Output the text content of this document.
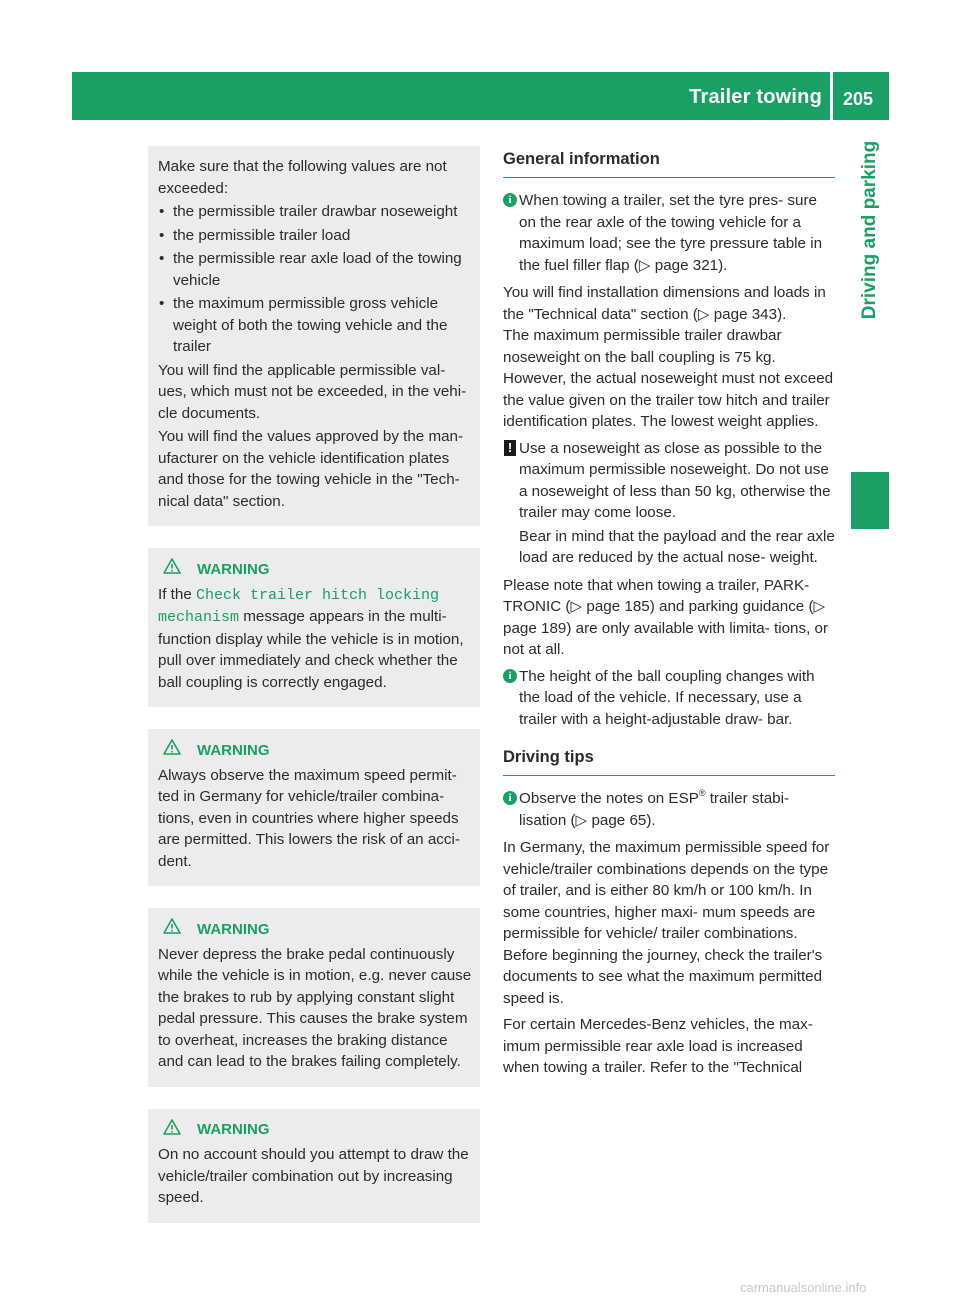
Trailer towing 205
Driving and parking

Make sure that the following values are not exceeded:

• the permissible trailer drawbar noseweight
• the permissible trailer load
• the permissible rear axle load of the towing vehicle
• the maximum permissible gross vehicle weight of both the towing vehicle and the trailer

You will find the applicable permissible val- ues, which must not be exceeded, in the vehi- cle documents.

You will find the values approved by the man- ufacturer on the vehicle identification plates and those for the towing vehicle in the "Tech- nical data" section.

WARNING

If the Check trailer hitch locking mechanism message appears in the multi- function display while the vehicle is in motion, pull over immediately and check whether the ball coupling is correctly engaged.

WARNING

Always observe the maximum speed permit- ted in Germany for vehicle/trailer combina- tions, even in countries where higher speeds are permitted. This lowers the risk of an acci- dent.

WARNING

Never depress the brake pedal continuously while the vehicle is in motion, e.g. never cause the brakes to rub by applying constant slight pedal pressure. This causes the brake system to overheat, increases the braking distance and can lead to the brakes failing completely.

WARNING

On no account should you attempt to draw the vehicle/trailer combination out by increasing speed.

General information
i When towing a trailer, set the tyre pres- sure on the rear axle of the towing vehicle for a maximum load; see the tyre pressure table in the fuel filler flap (▷ page 321).

You will find installation dimensions and loads in the "Technical data" section (▷ page 343).

The maximum permissible trailer drawbar noseweight on the ball coupling is 75 kg. However, the actual noseweight must not exceed the value given on the trailer tow hitch and trailer identification plates. The lowest weight applies.

! Use a noseweight as close as possible to the maximum permissible noseweight. Do not use a noseweight of less than 50 kg, otherwise the trailer may come loose.
Bear in mind that the payload and the rear axle load are reduced by the actual nose- weight.

Please note that when towing a trailer, PARK- TRONIC (▷ page 185) and parking guidance (▷ page 189) are only available with limita- tions, or not at all.

i The height of the ball coupling changes with the load of the vehicle. If necessary, use a trailer with a height-adjustable draw- bar.
Driving tips
i Observe the notes on ESP® trailer stabi- lisation (▷ page 65).

In Germany, the maximum permissible speed for vehicle/trailer combinations depends on the type of trailer, and is either 80 km/h or 100 km/h. In some countries, higher maxi- mum speeds are permissible for vehicle/ trailer combinations. Before beginning the journey, check the trailer's documents to see what the maximum permitted speed is.

For certain Mercedes-Benz vehicles, the max- imum permissible rear axle load is increased when towing a trailer. Refer to the "Technical

carmanualsonline.info
